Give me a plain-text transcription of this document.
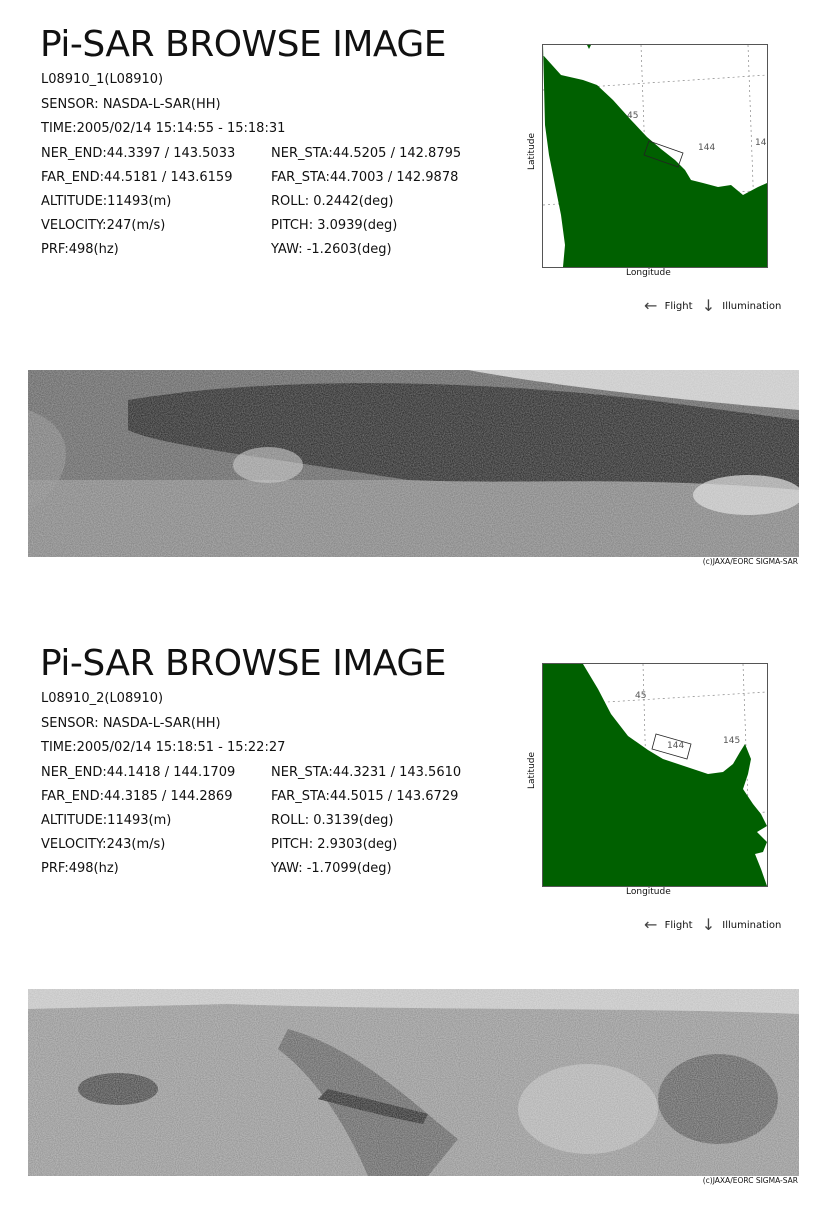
Pi-SAR BROWSE IMAGE
L08910_1(L08910)
SENSOR: NASDA-L-SAR(HH)
TIME:2005/02/14 15:14:55 - 15:18:31
NER_END:44.3397 / 143.5033	NER_STA:44.5205 / 142.8795
FAR_END:44.5181 / 143.6159	FAR_STA:44.7003 / 142.9878
ALTITUDE:11493(m)	ROLL: 0.2442(deg)
VELOCITY:247(m/s)	PITCH: 3.0939(deg)
PRF:498(hz)	YAW: -1.2603(deg)
45
144	14
Latitude
Longitude
← Flight ↓ Illumination
(c)JAXA/EORC SIGMA-SAR
Pi-SAR BROWSE IMAGE
L08910_2(L08910)
SENSOR: NASDA-L-SAR(HH)
TIME:2005/02/14 15:18:51 - 15:22:27
NER_END:44.1418 / 144.1709	NER_STA:44.3231 / 143.5610
FAR_END:44.3185 / 144.2869	FAR_STA:44.5015 / 143.6729
ALTITUDE:11493(m)	ROLL: 0.3139(deg)
VELOCITY:243(m/s)	PITCH: 2.9303(deg)
PRF:498(hz)	YAW: -1.7099(deg)
45
144	145
Latitude
Longitude
← Flight ↓ Illumination
(c)JAXA/EORC SIGMA-SAR
